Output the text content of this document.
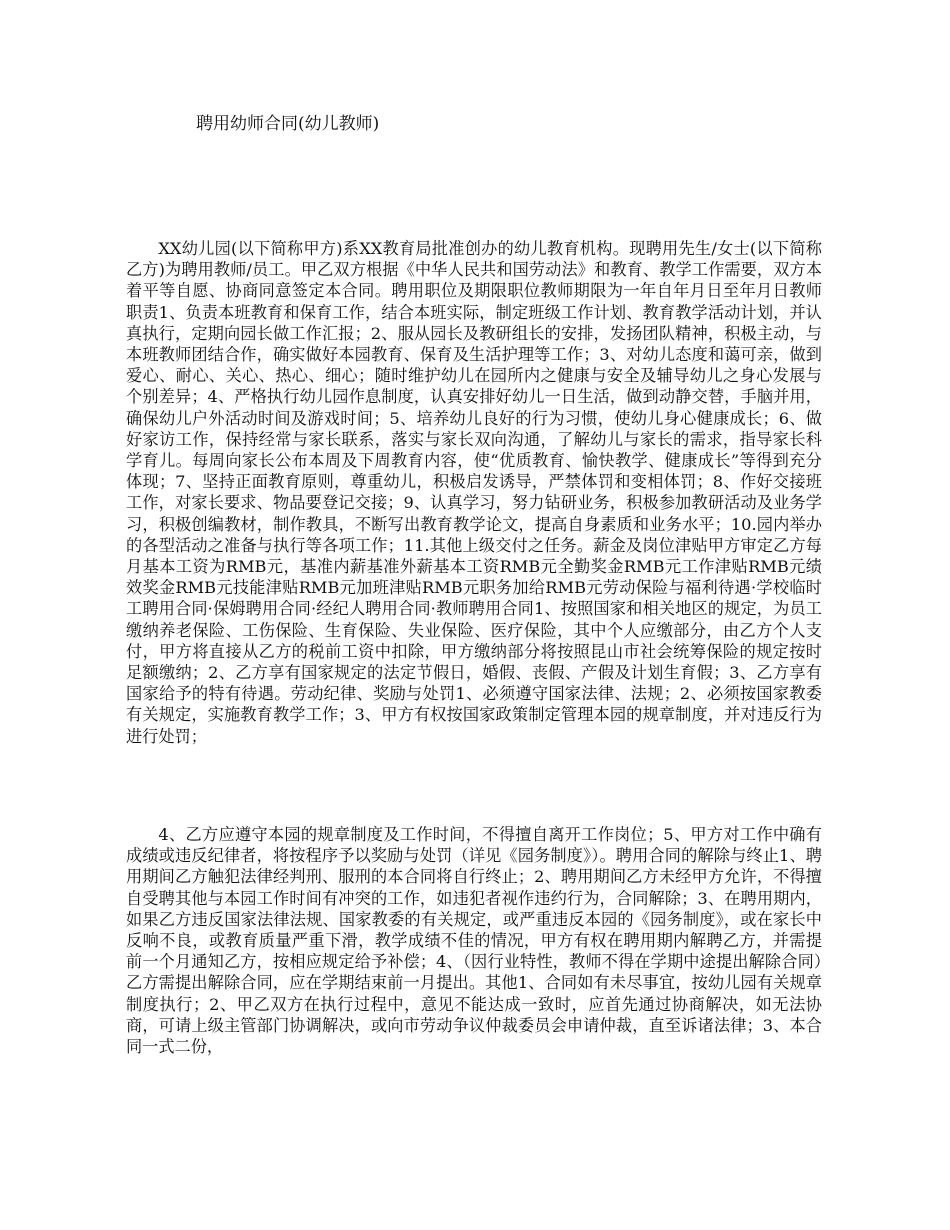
聘用幼师合同(幼儿教师)

XX幼儿园(以下简称甲方)系XX教育局批准创办的幼儿教育机构。现聘用先生/女士(以下简称乙方)为聘用教师/员工。甲乙双方根据《中华人民共和国劳动法》和教育、教学工作需要，双方本着平等自愿、协商同意签定本合同。聘用职位及期限职位教师期限为一年自年月日至年月日教师职责1、负责本班教育和保育工作，结合本班实际，制定班级工作计划、教育教学活动计划，并认真执行，定期向园长做工作汇报；2、服从园长及教研组长的安排，发扬团队精神，积极主动，与本班教师团结合作，确实做好本园教育、保育及生活护理等工作；3、对幼儿态度和蔼可亲，做到爱心、耐心、关心、热心、细心；随时维护幼儿在园所内之健康与安全及辅导幼儿之身心发展与个别差异；4、严格执行幼儿园作息制度，认真安排好幼儿一日生活，做到动静交替，手脑并用，确保幼儿户外活动时间及游戏时间；5、培养幼儿良好的行为习惯，使幼儿身心健康成长；6、做好家访工作，保持经常与家长联系，落实与家长双向沟通，了解幼儿与家长的需求，指导家长科学育儿。每周向家长公布本周及下周教育内容，使“优质教育、愉快教学、健康成长”等得到充分体现；7、坚持正面教育原则，尊重幼儿，积极启发诱导，严禁体罚和变相体罚；8、作好交接班工作，对家长要求、物品要登记交接；9、认真学习，努力钻研业务，积极参加教研活动及业务学习，积极创编教材，制作教具，不断写出教育教学论文，提高自身素质和业务水平；10.园内举办的各型活动之准备与执行等各项工作；11.其他上级交付之任务。薪金及岗位津贴甲方审定乙方每月基本工资为RMB元，基准内薪基准外薪基本工资RMB元全勤奖金RMB元工作津贴RMB元绩效奖金RMB元技能津贴RMB元加班津贴RMB元职务加给RMB元劳动保险与福利待遇·学校临时工聘用合同·保姆聘用合同·经纪人聘用合同·教师聘用合同1、按照国家和相关地区的规定，为员工缴纳养老保险、工伤保险、生育保险、失业保险、医疗保险，其中个人应缴部分，由乙方个人支付，甲方将直接从乙方的税前工资中扣除，甲方缴纳部分将按照昆山市社会统筹保险的规定按时足额缴纳；2、乙方享有国家规定的法定节假日，婚假、丧假、产假及计划生育假；3、乙方享有国家给予的特有待遇。劳动纪律、奖励与处罚1、必须遵守国家法律、法规；2、必须按国家教委有关规定，实施教育教学工作；3、甲方有权按国家政策制定管理本园的规章制度，并对违反行为进行处罚；

4、乙方应遵守本园的规章制度及工作时间，不得擅自离开工作岗位；5、甲方对工作中确有成绩或违反纪律者，将按程序予以奖励与处罚（详见《园务制度》）。聘用合同的解除与终止1、聘用期间乙方触犯法律经判刑、服刑的本合同将自行终止；2、聘用期间乙方未经甲方允许，不得擅自受聘其他与本园工作时间有冲突的工作，如违犯者视作违约行为，合同解除；3、在聘用期内，如果乙方违反国家法律法规、国家教委的有关规定，或严重违反本园的《园务制度》，或在家长中反响不良，或教育质量严重下滑，教学成绩不佳的情况，甲方有权在聘用期内解聘乙方，并需提前一个月通知乙方，按相应规定给予补偿；4、（因行业特性，教师不得在学期中途提出解除合同）乙方需提出解除合同，应在学期结束前一月提出。其他1、合同如有未尽事宜，按幼儿园有关规章制度执行；2、甲乙双方在执行过程中，意见不能达成一致时，应首先通过协商解决，如无法协商，可请上级主管部门协调解决，或向市劳动争议仲裁委员会申请仲裁，直至诉诸法律；3、本合同一式二份，
